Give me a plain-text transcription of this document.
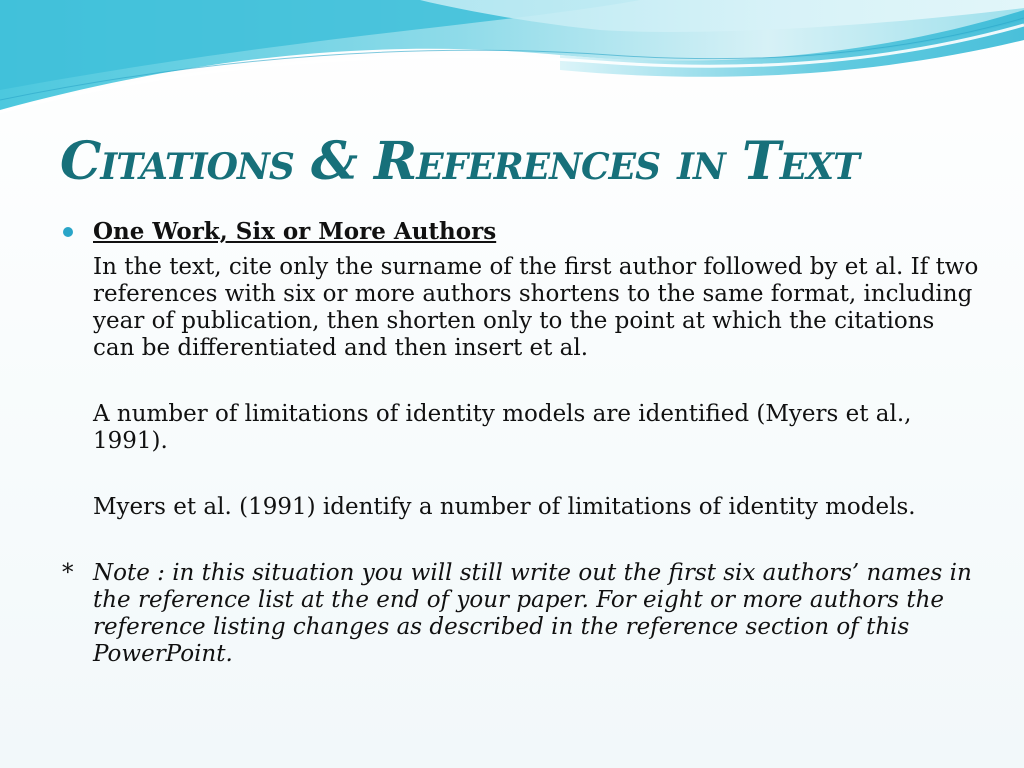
Citations & References in Text

One Work, Six or More Authors

In the text, cite only the surname of the first author followed by et al. If two references with six or more authors shortens to the same format, including year of publication, then shorten only to the point at which the citations can be differentiated and then insert et al.

A number of limitations of identity models are identified (Myers et al., 1991).

Myers et al. (1991) identify a number of limitations of identity models.

* Note : in this situation you will still write out the first six authors’ names in the reference list at the end of your paper. For eight or more authors the reference listing changes as described in the reference section of this PowerPoint.
